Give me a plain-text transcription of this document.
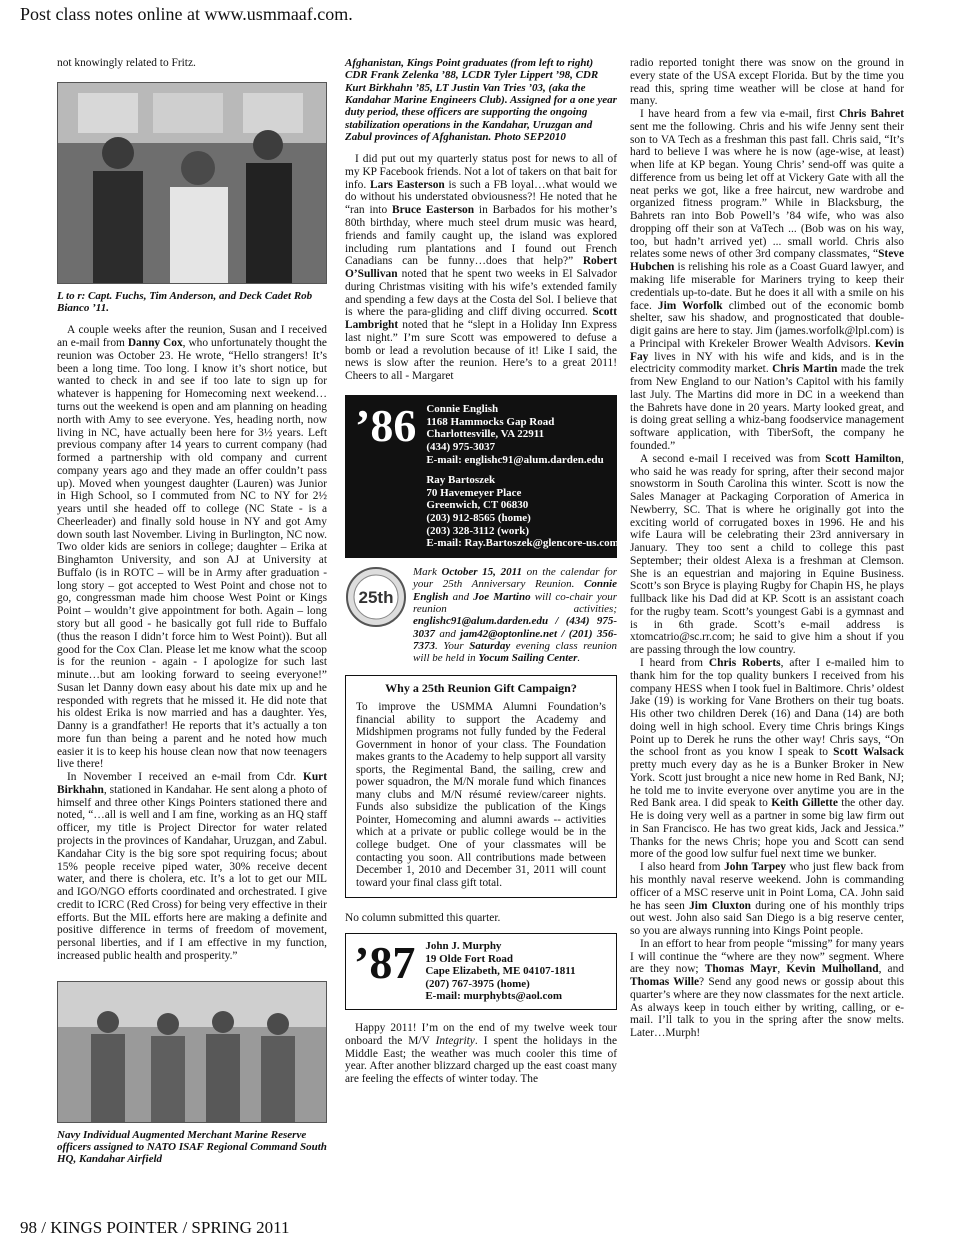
Post class notes online at www.usmmaaf.com.

not knowingly related to Fritz.

L to r: Capt. Fuchs, Tim Anderson, and Deck Cadet Rob Bianco ’11.

A couple weeks after the reunion, Susan and I received an e-mail from Danny Cox, who unfortunately thought the reunion was October 23. He wrote, “Hello strangers! It’s been a long time. Too long. I know it’s short notice, but wanted to check in and see if too late to sign up for whatever is happening for Homecoming next weekend…turns out the weekend is open and am planning on heading north with Amy to see everyone. Yes, heading north, now living in NC, have actually been here for 3½ years. Left previous company after 14 years to current company (had formed a partnership with old company and current company years ago and they made an offer couldn’t pass up). Moved when youngest daughter (Lauren) was Junior in High School, so I commuted from NC to NY for 2½ years until she headed off to college (NC State - is a Cheerleader) and finally sold house in NY and got Amy down south last November. Living in Burlington, NC now. Two older kids are seniors in college; daughter – Erika at Binghamton University, and son AJ at University at Buffalo (is in ROTC – will be in Army after graduation - long story – got accepted to West Point and chose not to go, congressman made him choose West Point or Kings Point – wouldn’t give appointment for both. Again – long story but all good - he basically got full ride to Buffalo (thus the reason I didn’t force him to West Point)). But all good for the Cox Clan. Please let me know what the scoop is for the reunion - again - I apologize for such last minute…but am looking forward to seeing everyone!” Susan let Danny down easy about his date mix up and he responded with regrets that he missed it. He did note that his oldest Erika is now married and has a daughter. Yes, Danny is a grandfather! He reports that it’s actually a ton more fun than being a parent and he noted how much easier it is to keep his house clean now that now teenagers live there!

In November I received an e-mail from Cdr. Kurt Birkhahn, stationed in Kandahar. He sent along a photo of himself and three other Kings Pointers stationed there and noted, “…all is well and I am fine, working as an HQ staff officer, my title is Project Director for water related projects in the provinces of Kandahar, Uruzgan, and Zabul. Kandahar City is the big sore spot requiring focus; about 15% people receive piped water, 30% receive decent water, and there is cholera, etc. It’s a lot to get our MIL and IGO/NGO efforts coordinated and orchestrated. I give credit to ICRC (Red Cross) for being very effective in their efforts. But the MIL efforts here are making a definite and positive difference in terms of freedom of movement, personal liberties, and if I am effective in my function, increased public health and prosperity.”

Navy Individual Augmented Merchant Marine Reserve officers assigned to NATO ISAF Regional Command South HQ, Kandahar Airfield
Afghanistan, Kings Point graduates (from left to right) CDR Frank Zelenka ’88, LCDR Tyler Lippert ’98, CDR Kurt Birkhahn ’85, LT Justin Van Tries ’03, (aka the Kandahar Marine Engineers Club). Assigned for a one year duty period, these officers are supporting the ongoing stabilization operations in the Kandahar, Uruzgan and Zabul provinces of Afghanistan. Photo SEP2010

I did put out my quarterly status post for news to all of my KP Facebook friends. Not a lot of takers on that bait for info. Lars Easterson is such a FB loyal…what would we do without his understated obviousness?! He noted that he “ran into Bruce Easterson in Barbados for his mother’s 80th birthday, where much steel drum music was heard, friends and family caught up, the island was explored including rum plantations and I found out French Canadians can be funny…does that help?” Robert O’Sullivan noted that he spent two weeks in El Salvador during Christmas visiting with his wife’s extended family and spending a few days at the Costa del Sol. I believe that is where the para-gliding and cliff diving occurred. Scott Lambright noted that he “slept in a Holiday Inn Express last night.” I’m sure Scott was empowered to defuse a bomb or lead a revolution because of it! Like I said, the news is slow after the reunion. Here’s to a great 2011! Cheers to all - Margaret

’86 Connie English
1168 Hammocks Gap Road
Charlottesville, VA 22911
(434) 975-3037
E-mail: englishc91@alum.darden.edu
Ray Bartoszek
70 Havemeyer Place
Greenwich, CT 06830
(203) 912-8565 (home)
(203) 328-3112 (work)
E-mail: Ray.Bartoszek@glencore-us.com
25th
Mark October 15, 2011 on the calendar for your 25th Anniversary Reunion. Connie English and Joe Martino will co-chair your reunion activities; englishc91@alum.darden.edu / (434) 975-3037 and jam42@optonline.net / (201) 356-7373. Your Saturday evening class reunion will be held in Yocum Sailing Center.
Why a 25th Reunion Gift Campaign?

To improve the USMMA Alumni Foundation’s financial ability to support the Academy and Midshipmen programs not fully funded by the Federal Government in honor of your class. The Foundation makes grants to the Academy to help support all varsity sports, the Regimental Band, the sailing, crew and power squadron, the M/N morale fund which finances many clubs and M/N résumé review/career nights. Funds also subsidize the publication of the Kings Pointer, Homecoming and alumni awards -- activities which at a private or public college would be in the college budget. One of your classmates will be contacting you soon. All contributions made between December 1, 2010 and December 31, 2011 will count toward your final class gift total.

No column submitted this quarter.

’87 John J. Murphy
19 Olde Fort Road
Cape Elizabeth, ME 04107-1811
(207) 767-3975 (home)
E-mail: murphybts@aol.com

Happy 2011! I’m on the end of my twelve week tour onboard the M/V Integrity. I spent the holidays in the Middle East; the weather was much cooler this time of year. After another blizzard charged up the east coast many are feeling the effects of winter today. The

radio reported tonight there was snow on the ground in every state of the USA except Florida. But by the time you read this, spring time weather will be close at hand for many.

I have heard from a few via e-mail, first Chris Bahret sent me the following. Chris and his wife Jenny sent their son to VA Tech as a freshman this past fall. Chris said, “It’s hard to believe I was where he is now (age-wise, at least) when life at KP began. Young Chris’ send-off was quite a difference from us being let off at Vickery Gate with all the neat perks we got, like a free haircut, new wardrobe and organized fitness program.” While in Blacksburg, the Bahrets ran into Bob Powell’s ’84 wife, who was also dropping off their son at VaTech ... (Bob was on his way, too, but hadn’t arrived yet) ... small world. Chris also relates some news of other 3rd company classmates, “Steve Hubchen is relishing his role as a Coast Guard lawyer, and making life miserable for Mariners trying to keep their credentials up-to-date. But he does it all with a smile on his face. Jim Worfolk climbed out of the economic bomb shelter, saw his shadow, and prognosticated that double-digit gains are here to stay. Jim (james.worfolk@lpl.com) is a Principal with Krekeler Brower Wealth Advisors. Kevin Fay lives in NY with his wife and kids, and is in the electricity commodity market. Chris Martin made the trek from New England to our Nation’s Capitol with his family last July. The Martins did more in DC in a weekend than the Bahrets have done in 20 years. Marty looked great, and is doing great selling a whiz-bang foodservice management software application, with TiberSoft, the company he founded.”

A second e-mail I received was from Scott Hamilton, who said he was ready for spring, after their second major snowstorm in South Carolina this winter. Scott is now the Sales Manager at Packaging Corporation of America in Newberry, SC. That is where he originally got into the exciting world of corrugated boxes in 1996. He and his wife Laura will be celebrating their 23rd anniversary in January. They too sent a child to college this past September; their oldest Alexa is a freshman at Clemson. She is an equestrian and majoring in Equine Business. Scott’s son Bryce is playing Rugby for Chapin HS, he plays fullback like his Dad did at KP. Scott is an assistant coach for the rugby team. Scott’s youngest Gabi is a gymnast and is in 6th grade. Scott’s e-mail address is xtomcatrio@sc.rr.com; he said to give him a shout if you are passing through the low country.

I heard from Chris Roberts, after I e-mailed him to thank him for the top quality bunkers I received from his company HESS when I took fuel in Baltimore. Chris’ oldest Jake (19) is working for Vane Brothers on their tug boats. His other two children Derek (16) and Dana (14) are both doing well in high school. Every time Chris brings Kings Point up to Derek he runs the other way! Chris says, “On the school front as you know I speak to Scott Walsack pretty much every day as he is a Bunker Broker in New York. Scott just brought a nice new home in Red Bank, NJ; he told me to invite everyone over anytime you are in the Red Bank area. I did speak to Keith Gillette the other day. He is doing very well as a partner in some big law firm out in San Francisco. He has two great kids, Jack and Jessica.” Thanks for the news Chris; hope you and Scott can send more of the good low sulfur fuel next time we bunker.

I also heard from John Tarpey who just flew back from his monthly naval reserve weekend. John is commanding officer of a MSC reserve unit in Point Loma, CA. John said he has seen Jim Cluxton during one of his monthly trips out west. John also said San Diego is a big reserve center, so you are always running into Kings Point people.

In an effort to hear from people “missing” for many years I will continue the “where are they now” segment. Where are they now; Thomas Mayr, Kevin Mulholland, and Thomas Wille? Send any good news or gossip about this quarter’s where are they now classmates for the next article. As always keep in touch either by writing, calling, or e-mail. I’ll talk to you in the spring after the snow melts. Later…Murph!

98 / KINGS POINTER / SPRING 2011
